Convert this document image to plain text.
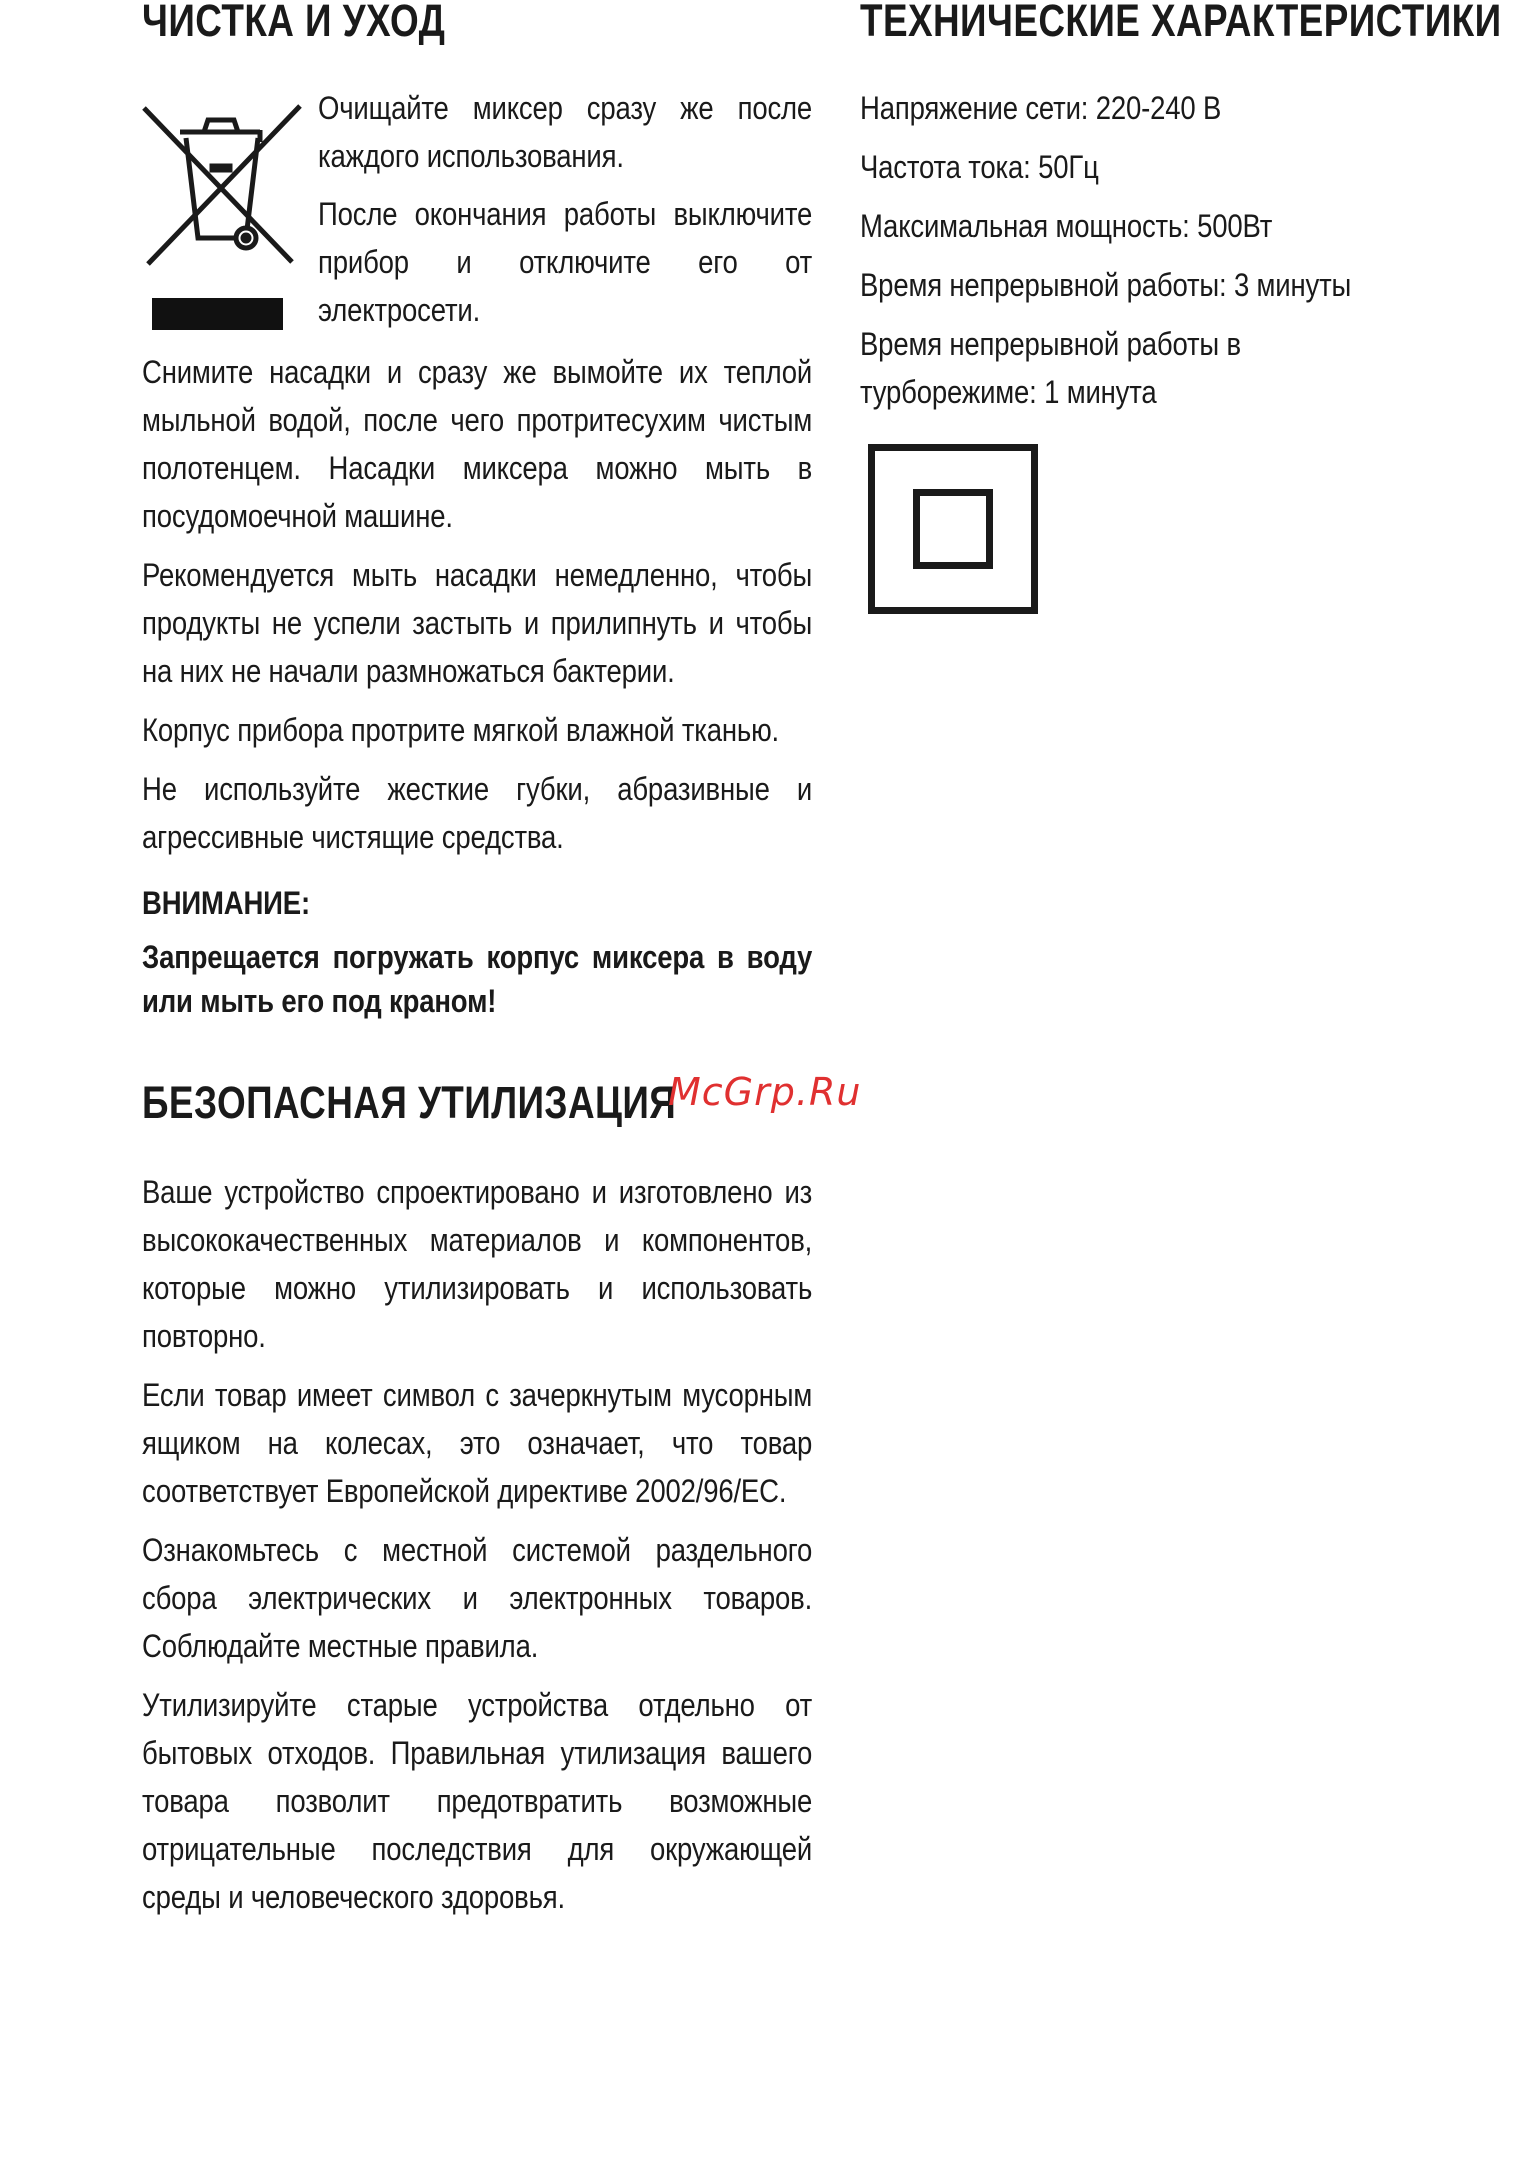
ЧИСТКА И УХОД

Очищайте миксер сразу же после каждого использования.

После окончания работы выключите прибор и отключите его от электросети.

Снимите насадки и сразу же вымойте их теплой мыльной водой, после чего протритесухим чистым полотенцем. Насадки миксера можно мыть в посудомоечной машине.

Рекомендуется мыть насадки немедленно, чтобы продукты не успели застыть и прилипнуть и чтобы на них не начали размножаться бактерии.

Корпус прибора протрите мягкой влажной тканью.

Не используйте жесткие губки, абразивные и агрессивные чистящие средства.

ВНИМАНИЕ:

Запрещается погружать корпус миксера в воду или мыть его под краном!

БЕЗОПАСНАЯ УТИЛИЗАЦИЯ

Ваше устройство спроектировано и изготовлено из высококачественных материалов и компонентов, которые можно утилизировать и использовать повторно.

Если товар имеет символ с зачеркнутым мусорным ящиком на колесах, это означает, что товар соответствует Европейской директиве 2002/96/ЕС.

Ознакомьтесь с местной системой раздельного сбора электрических и электронных товаров. Соблюдайте местные правила.

Утилизируйте старые устройства отдельно от бытовых отходов. Правильная утилизация вашего товара позволит предотвратить возможные отрицательные последствия для окружающей среды и человеческого здоровья.

ТЕХНИЧЕСКИЕ ХАРАКТЕРИСТИКИ

Напряжение сети: 220-240 В

Частота тока: 50Гц

Максимальная мощность: 500Вт

Время непрерывной работы: 3 минуты

Время непрерывной работы в турборежиме: 1 минута

McGrp.Ru
